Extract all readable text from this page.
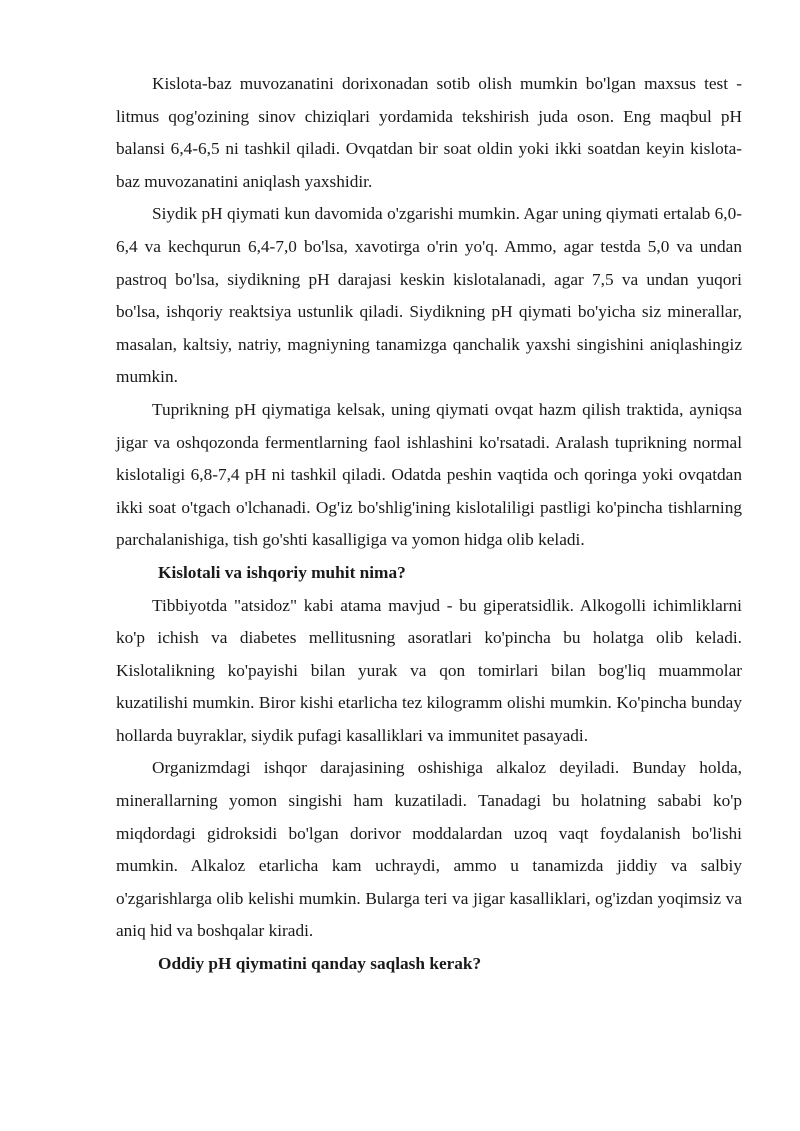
Kislota-baz muvozanatini dorixonadan sotib olish mumkin bo'lgan maxsus test - litmus qog'ozining sinov chiziqlari yordamida tekshirish juda oson. Eng maqbul pH balansi 6,4-6,5 ni tashkil qiladi. Ovqatdan bir soat oldin yoki ikki soatdan keyin kislota-baz muvozanatini aniqlash yaxshidir.

Siydik pH qiymati kun davomida o'zgarishi mumkin. Agar uning qiymati ertalab 6,0-6,4 va kechqurun 6,4-7,0 bo'lsa, xavotirga o'rin yo'q. Ammo, agar testda 5,0 va undan pastroq bo'lsa, siydikning pH darajasi keskin kislotalanadi, agar 7,5 va undan yuqori bo'lsa, ishqoriy reaktsiya ustunlik qiladi. Siydikning pH qiymati bo'yicha siz minerallar, masalan, kaltsiy, natriy, magniyning tanamizga qanchalik yaxshi singishini aniqlashingiz mumkin.

Tuprikning pH qiymatiga kelsak, uning qiymati ovqat hazm qilish traktida, ayniqsa jigar va oshqozonda fermentlarning faol ishlashini ko'rsatadi. Aralash tuprikning normal kislotaligi 6,8-7,4 pH ni tashkil qiladi. Odatda peshin vaqtida och qoringa yoki ovqatdan ikki soat o'tgach o'lchanadi. Og'iz bo'shlig'ining kislotaliligi pastligi ko'pincha tishlarning parchalanishiga, tish go'shti kasalligiga va yomon hidga olib keladi.

Kislotali va ishqoriy muhit nima?

Tibbiyotda "atsidoz" kabi atama mavjud - bu giperatsidlik. Alkogolli ichimliklarni ko'p ichish va diabetes mellitusning asoratlari ko'pincha bu holatga olib keladi. Kislotalikning ko'payishi bilan yurak va qon tomirlari bilan bog'liq muammolar kuzatilishi mumkin. Biror kishi etarlicha tez kilogramm olishi mumkin. Ko'pincha bunday hollarda buyraklar, siydik pufagi kasalliklari va immunitet pasayadi.

Organizmdagi ishqor darajasining oshishiga alkaloz deyiladi. Bunday holda, minerallarning yomon singishi ham kuzatiladi. Tanadagi bu holatning sababi ko'p miqdordagi gidroksidi bo'lgan dorivor moddalardan uzoq vaqt foydalanish bo'lishi mumkin. Alkaloz etarlicha kam uchraydi, ammo u tanamizda jiddiy va salbiy o'zgarishlarga olib kelishi mumkin. Bularga teri va jigar kasalliklari, og'izdan yoqimsiz va aniq hid va boshqalar kiradi.

Oddiy pH qiymatini qanday saqlash kerak?
